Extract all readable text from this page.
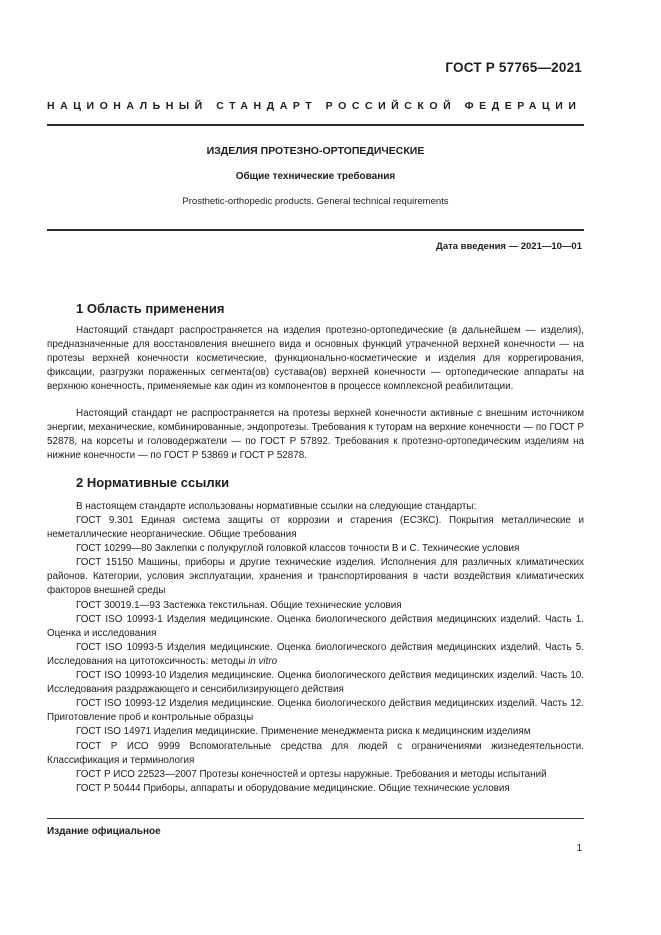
ГОСТ Р 57765—2021
НАЦИОНАЛЬНЫЙ СТАНДАРТ РОССИЙСКОЙ ФЕДЕРАЦИИ
ИЗДЕЛИЯ ПРОТЕЗНО-ОРТОПЕДИЧЕСКИЕ
Общие технические требования
Prosthetic-orthopedic products. General technical requirements
Дата введения — 2021—10—01
1 Область применения
Настоящий стандарт распространяется на изделия протезно-ортопедические (в дальнейшем — изделия), предназначенные для восстановления внешнего вида и основных функций утраченной верхней конечности — на протезы верхней конечности косметические, функционально-косметические и изделия для коррегирования, фиксации, разгрузки пораженных сегмента(ов) сустава(ов) верхней конечности — ортопедические аппараты на верхнюю конечность, применяемые как один из компонентов в процессе комплексной реабилитации.
Настоящий стандарт не распространяется на протезы верхней конечности активные с внешним источником энергии, механические, комбинированные, эндопротезы. Требования к туторам на верхние конечности — по ГОСТ Р 52878, на корсеты и головодержатели — по ГОСТ Р 57892. Требования к протезно-ортопедическим изделиям на нижние конечности — по ГОСТ Р 53869 и ГОСТ Р 52878.
2 Нормативные ссылки
В настоящем стандарте использованы нормативные ссылки на следующие стандарты:
ГОСТ 9.301 Единая система защиты от коррозии и старения (ЕСЗКС). Покрытия металлические и неметаллические неорганические. Общие требования
ГОСТ 10299—80 Заклепки с полукруглой головкой классов точности В и С. Технические условия
ГОСТ 15150 Машины, приборы и другие технические изделия. Исполнения для различных климатических районов. Категории, условия эксплуатации, хранения и транспортирования в части воздействия климатических факторов внешней среды
ГОСТ 30019.1—93 Застежка текстильная. Общие технические условия
ГОСТ ISO 10993-1 Изделия медицинские. Оценка биологического действия медицинских изделий. Часть 1. Оценка и исследования
ГОСТ ISO 10993-5 Изделия медицинские. Оценка биологического действия медицинских изделий. Часть 5. Исследования на цитотоксичность: методы in vitro
ГОСТ ISO 10993-10 Изделия медицинские. Оценка биологического действия медицинских изделий. Часть 10. Исследования раздражающего и сенсибилизирующего действия
ГОСТ ISO 10993-12 Изделия медицинские. Оценка биологического действия медицинских изделий. Часть 12. Приготовление проб и контрольные образцы
ГОСТ ISO 14971 Изделия медицинские. Применение менеджмента риска к медицинским изделиям
ГОСТ Р ИСО 9999 Вспомогательные средства для людей с ограничениями жизнедеятельности. Классификация и терминология
ГОСТ Р ИСО 22523—2007 Протезы конечностей и ортезы наружные. Требования и методы испытаний
ГОСТ Р 50444 Приборы, аппараты и оборудование медицинские. Общие технические условия
Издание официальное
1
